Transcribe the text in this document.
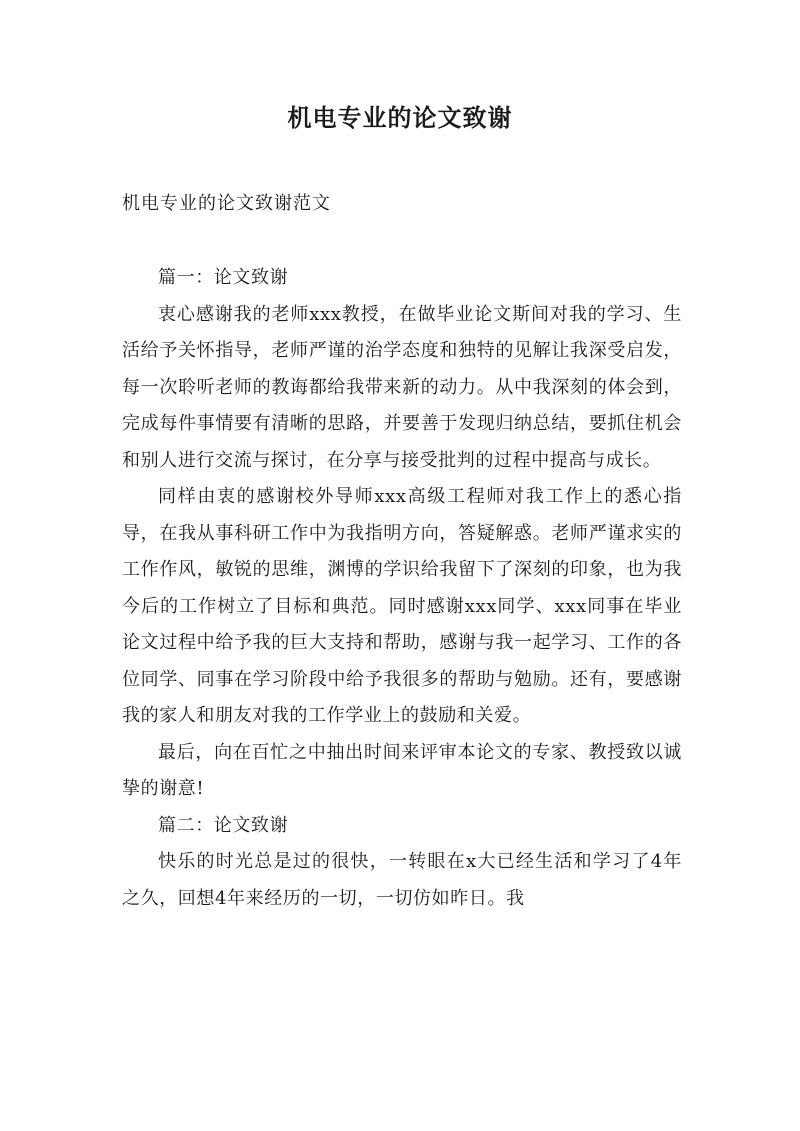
机电专业的论文致谢
机电专业的论文致谢范文

篇一：论文致谢

衷心感谢我的老师xxx教授，在做毕业论文斯间对我的学习、生活给予关怀指导，老师严谨的治学态度和独特的见解让我深受启发，每一次聆听老师的教诲都给我带来新的动力。从中我深刻的体会到，完成每件事情要有清晰的思路，并要善于发现归纳总结，要抓住机会和别人进行交流与探讨，在分享与接受批判的过程中提高与成长。

同样由衷的感谢校外导师xxx高级工程师对我工作上的悉心指导，在我从事科研工作中为我指明方向，答疑解惑。老师严谨求实的工作作风，敏锐的思维，渊博的学识给我留下了深刻的印象，也为我今后的工作树立了目标和典范。同时感谢xxx同学、xxx同事在毕业论文过程中给予我的巨大支持和帮助，感谢与我一起学习、工作的各位同学、同事在学习阶段中给予我很多的帮助与勉励。还有，要感谢我的家人和朋友对我的工作学业上的鼓励和关爱。

最后，向在百忙之中抽出时间来评审本论文的专家、教授致以诚挚的谢意!

篇二：论文致谢

快乐的时光总是过的很快，一转眼在x大已经生活和学习了4年之久，回想4年来经历的一切，一切仿如昨日。我
